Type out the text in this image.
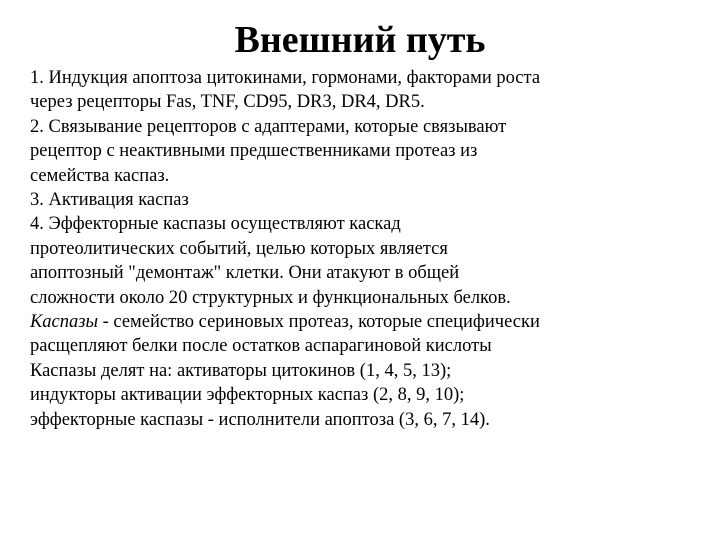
Внешний путь

1. Индукция апоптоза цитокинами, гормонами, факторами роста
через рецепторы Fas, TNF, CD95, DR3, DR4, DR5.

2. Связывание рецепторов с адаптерами, которые связывают
рецептор с неактивными предшественниками протеаз из
семейства каспаз.

3. Активация каспаз

4. Эффекторные каспазы осуществляют каскад
протеолитических событий, целью которых является
апоптозный "демонтаж" клетки. Они атакуют в общей
сложности около 20 структурных и функциональных белков.

Каспазы - семейство сериновых протеаз, которые специфически
расщепляют белки после остатков аспарагиновой кислоты

Каспазы делят на: активаторы цитокинов (1, 4, 5, 13);
индукторы активации эффекторных каспаз (2, 8, 9, 10);
эффекторные каспазы - исполнители апоптоза (3, 6, 7, 14).
